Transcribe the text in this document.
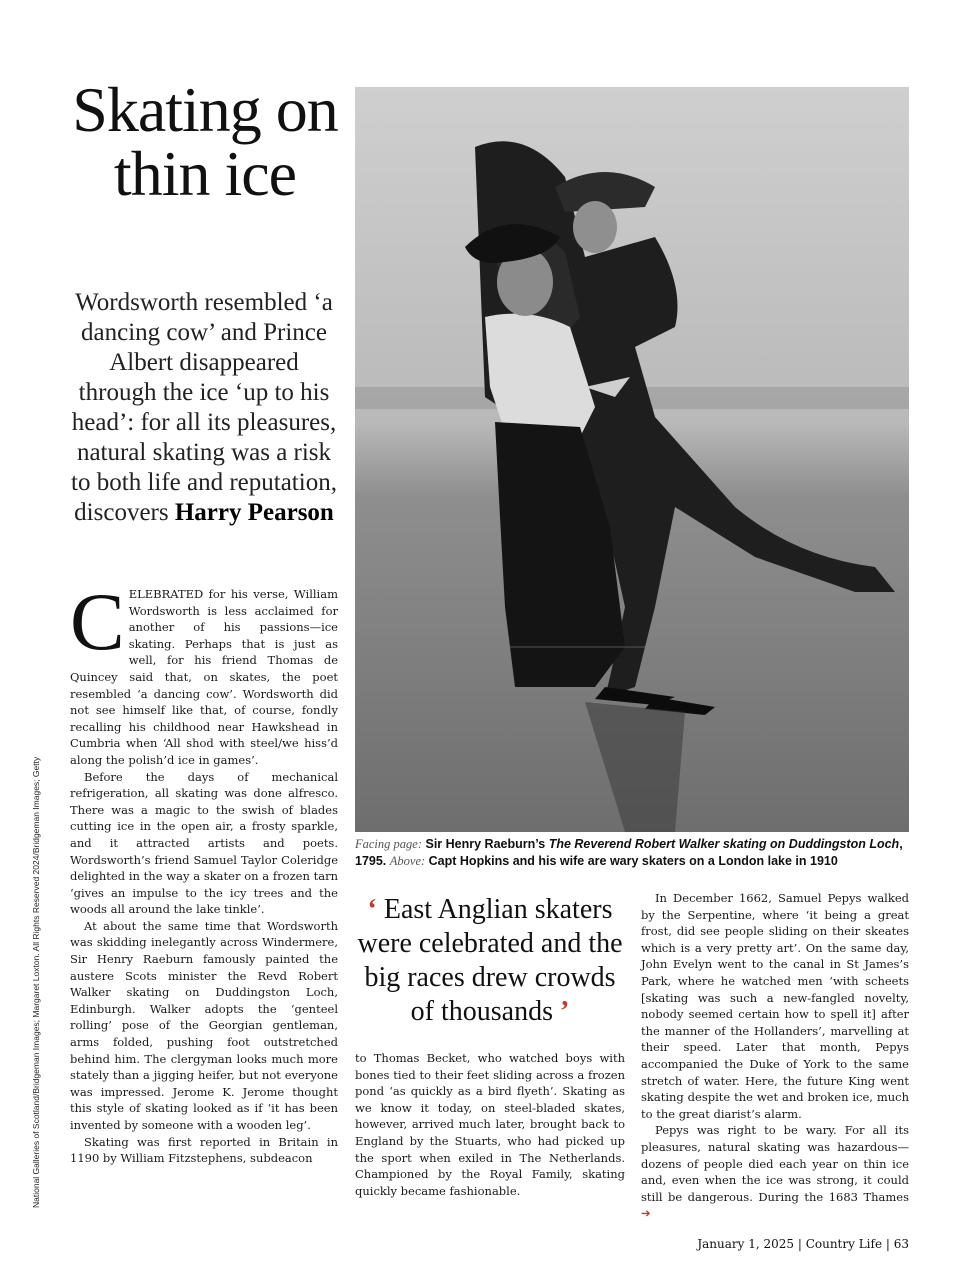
Skating on thin ice
Wordsworth resembled ‘a dancing cow’ and Prince Albert disappeared through the ice ‘up to his head’: for all its pleasures, natural skating was a risk to both life and reputation, discovers Harry Pearson
Facing page: Sir Henry Raeburn’s The Reverend Robert Walker skating on Duddingston Loch, 1795. Above: Capt Hopkins and his wife are wary skaters on a London lake in 1910

CELEBRATED for his verse, William Wordsworth is less acclaimed for another of his passions—ice skating. Perhaps that is just as well, for his friend Thomas de Quincey said that, on skates, the poet resembled ‘a dancing cow’. Wordsworth did not see himself like that, of course, fondly recalling his childhood near Hawkshead in Cumbria when ‘All shod with steel/we hiss’d along the polish’d ice in games’.

Before the days of mechanical refrigeration, all skating was done alfresco. There was a magic to the swish of blades cutting ice in the open air, a frosty sparkle, and it attracted artists and poets. Wordsworth’s friend Samuel Taylor Coleridge delighted in the way a skater on a frozen tarn ‘gives an impulse to the icy trees and the woods all around the lake tinkle’.

At about the same time that Wordsworth was skidding inelegantly across Windermere, Sir Henry Raeburn famously painted the austere Scots minister the Revd Robert Walker skating on Duddingston Loch, Edinburgh. Walker adopts the ‘genteel rolling’ pose of the Georgian gentleman, arms folded, pushing foot outstretched behind him. The clergyman looks much more stately than a jigging heifer, but not everyone was impressed. Jerome K. Jerome thought this style of skating looked as if ‘it has been invented by someone with a wooden leg’.

Skating was first reported in Britain in 1190 by William Fitzstephens, subdeacon

‘ East Anglian skaters were celebrated and the big races drew crowds of thousands ’

to Thomas Becket, who watched boys with bones tied to their feet sliding across a frozen pond ‘as quickly as a bird flyeth’. Skating as we know it today, on steel-bladed skates, however, arrived much later, brought back to England by the Stuarts, who had picked up the sport when exiled in The Netherlands. Championed by the Royal Family, skating quickly became fashionable.

In December 1662, Samuel Pepys walked by the Serpentine, where ‘it being a great frost, did see people sliding on their skeates which is a very pretty art’. On the same day, John Evelyn went to the canal in St James’s Park, where he watched men ‘with scheets [skating was such a new-fangled novelty, nobody seemed certain how to spell it] after the manner of the Hollanders’, marvelling at their speed. Later that month, Pepys accompanied the Duke of York to the same stretch of water. Here, the future King went skating despite the wet and broken ice, much to the great diarist’s alarm.

Pepys was right to be wary. For all its pleasures, natural skating was hazardous—dozens of people died each year on thin ice and, even when the ice was strong, it could still be dangerous. During the 1683 Thames ➔

National Galleries of Scotland/Bridgeman Images; Margaret Loxton. All Rights Reserved 2024/Bridgeman Images; Getty
January 1, 2025 | Country Life | 63
